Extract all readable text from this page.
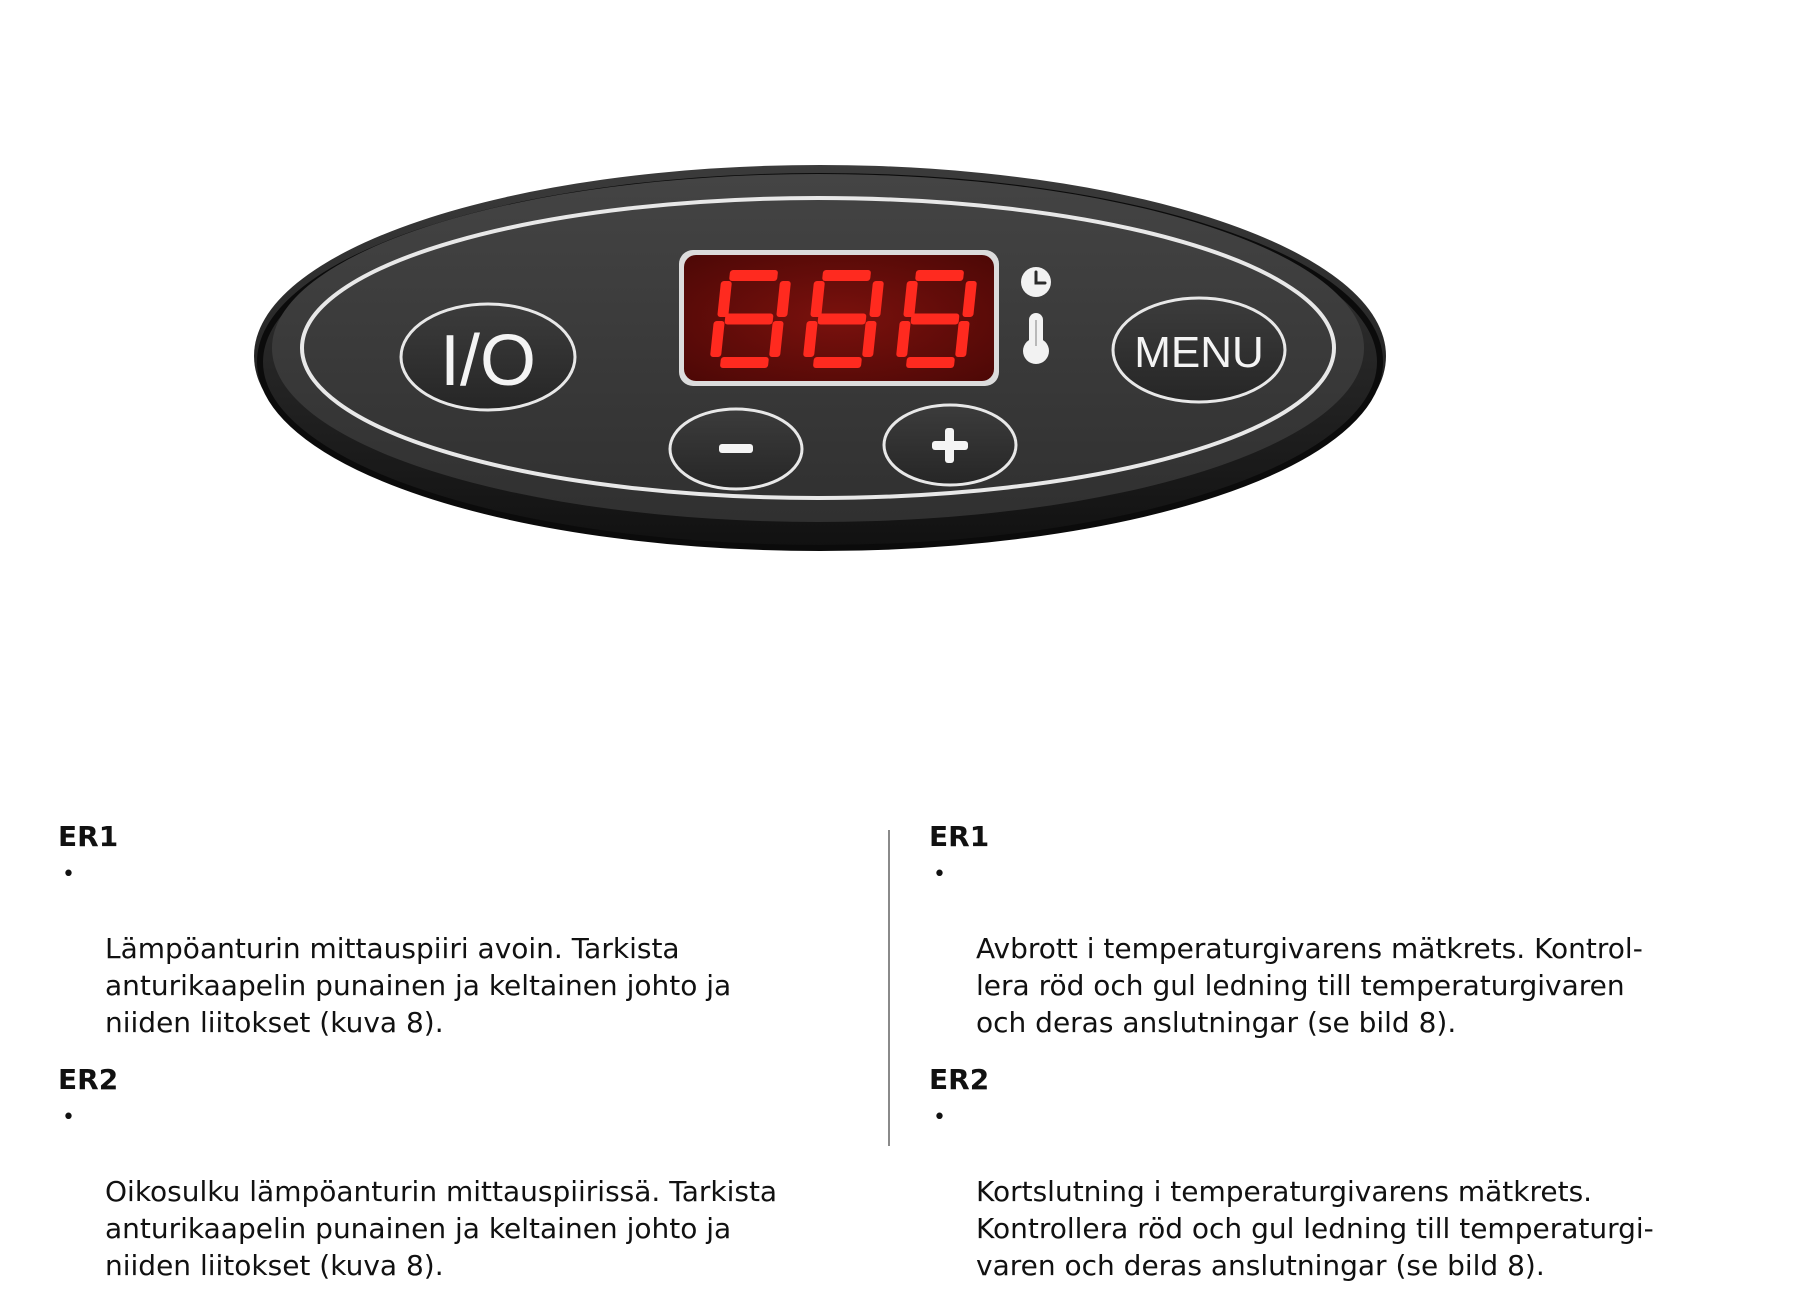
I/O	MENU

ER1

•

Lämpöanturin mittauspiiri avoin. Tarkista
anturikaapelin punainen ja keltainen johto ja
niiden liitokset (kuva 8).

ER2

•

Oikosulku lämpöanturin mittauspiirissä. Tarkista
anturikaapelin punainen ja keltainen johto ja
niiden liitokset (kuva 8).

ER1

•

Avbrott i temperaturgivarens mätkrets. Kontrol-
lera röd och gul ledning till temperaturgivaren
och deras anslutningar (se bild 8).

ER2

•

Kortslutning i temperaturgivarens mätkrets.
Kontrollera röd och gul ledning till temperaturgi-
varen och deras anslutningar (se bild 8).
